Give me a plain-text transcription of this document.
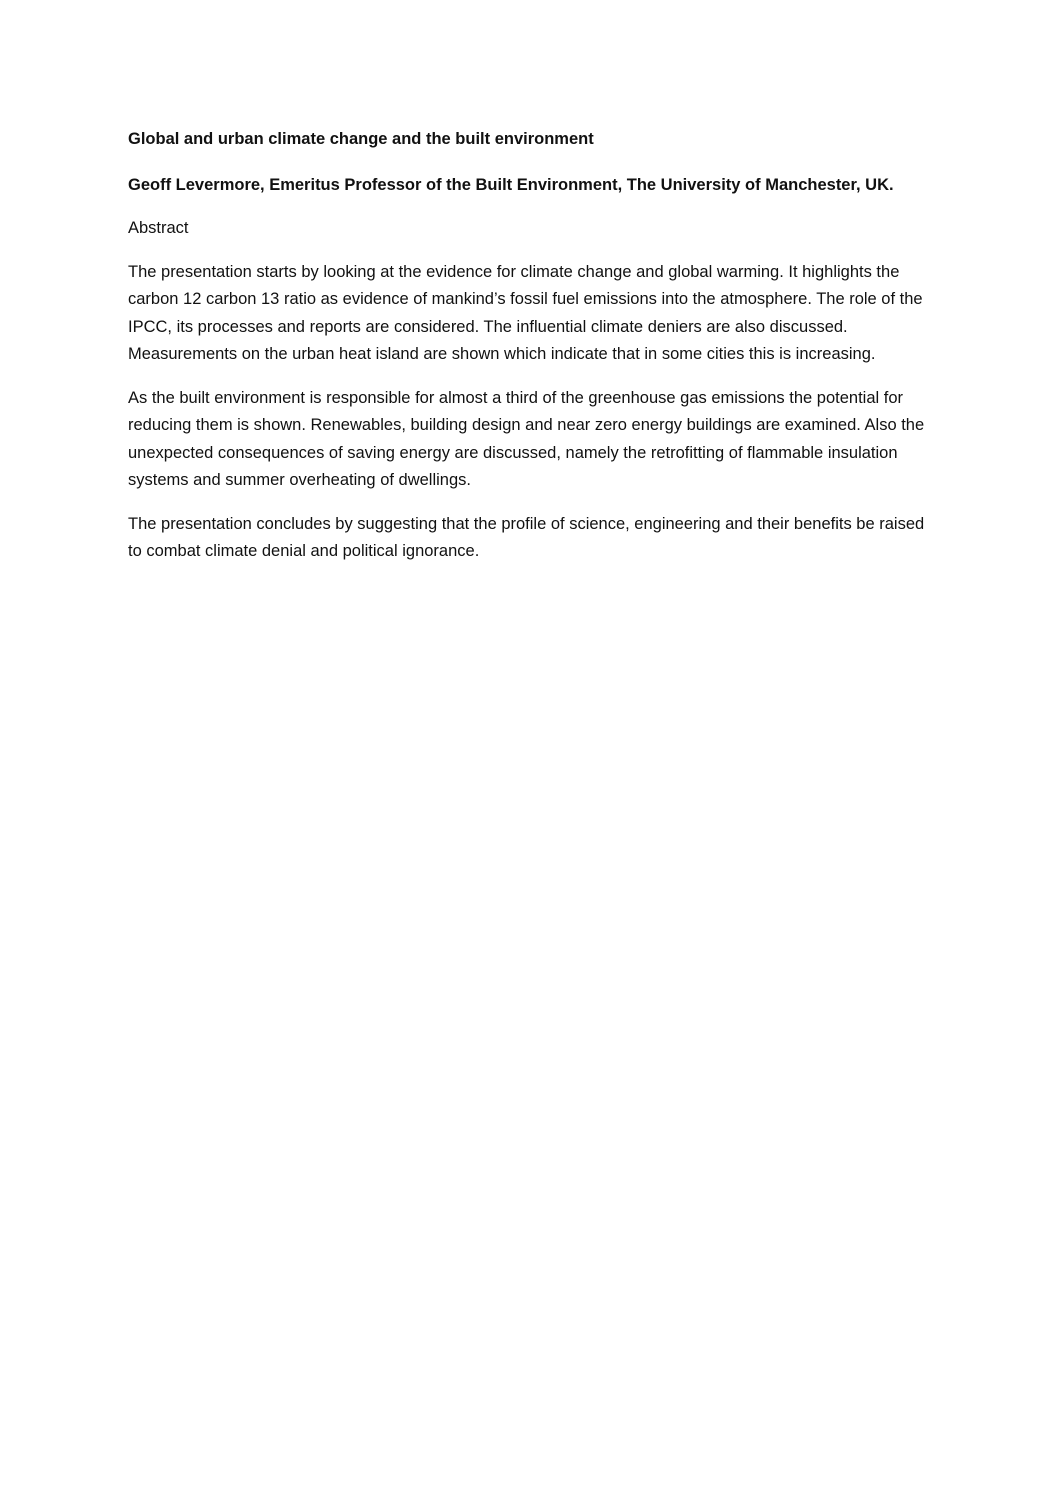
Global and urban climate change and the built environment

Geoff Levermore, Emeritus Professor of the Built Environment, The University of Manchester, UK.

Abstract

The presentation starts by looking at the evidence for climate change and global warming. It highlights the carbon 12 carbon 13 ratio as evidence of mankind’s fossil fuel emissions into the atmosphere. The role of the IPCC, its processes and reports are considered. The influential climate deniers are also discussed. Measurements on the urban heat island are shown which indicate that in some cities this is increasing.

As the built environment is responsible for almost a third of the greenhouse gas emissions the potential for reducing them is shown. Renewables, building design and near zero energy buildings are examined. Also the unexpected consequences of saving energy are discussed, namely the retrofitting of flammable insulation systems and summer overheating of dwellings.

The presentation concludes by suggesting that the profile of science, engineering and their benefits be raised to combat climate denial and political ignorance.
